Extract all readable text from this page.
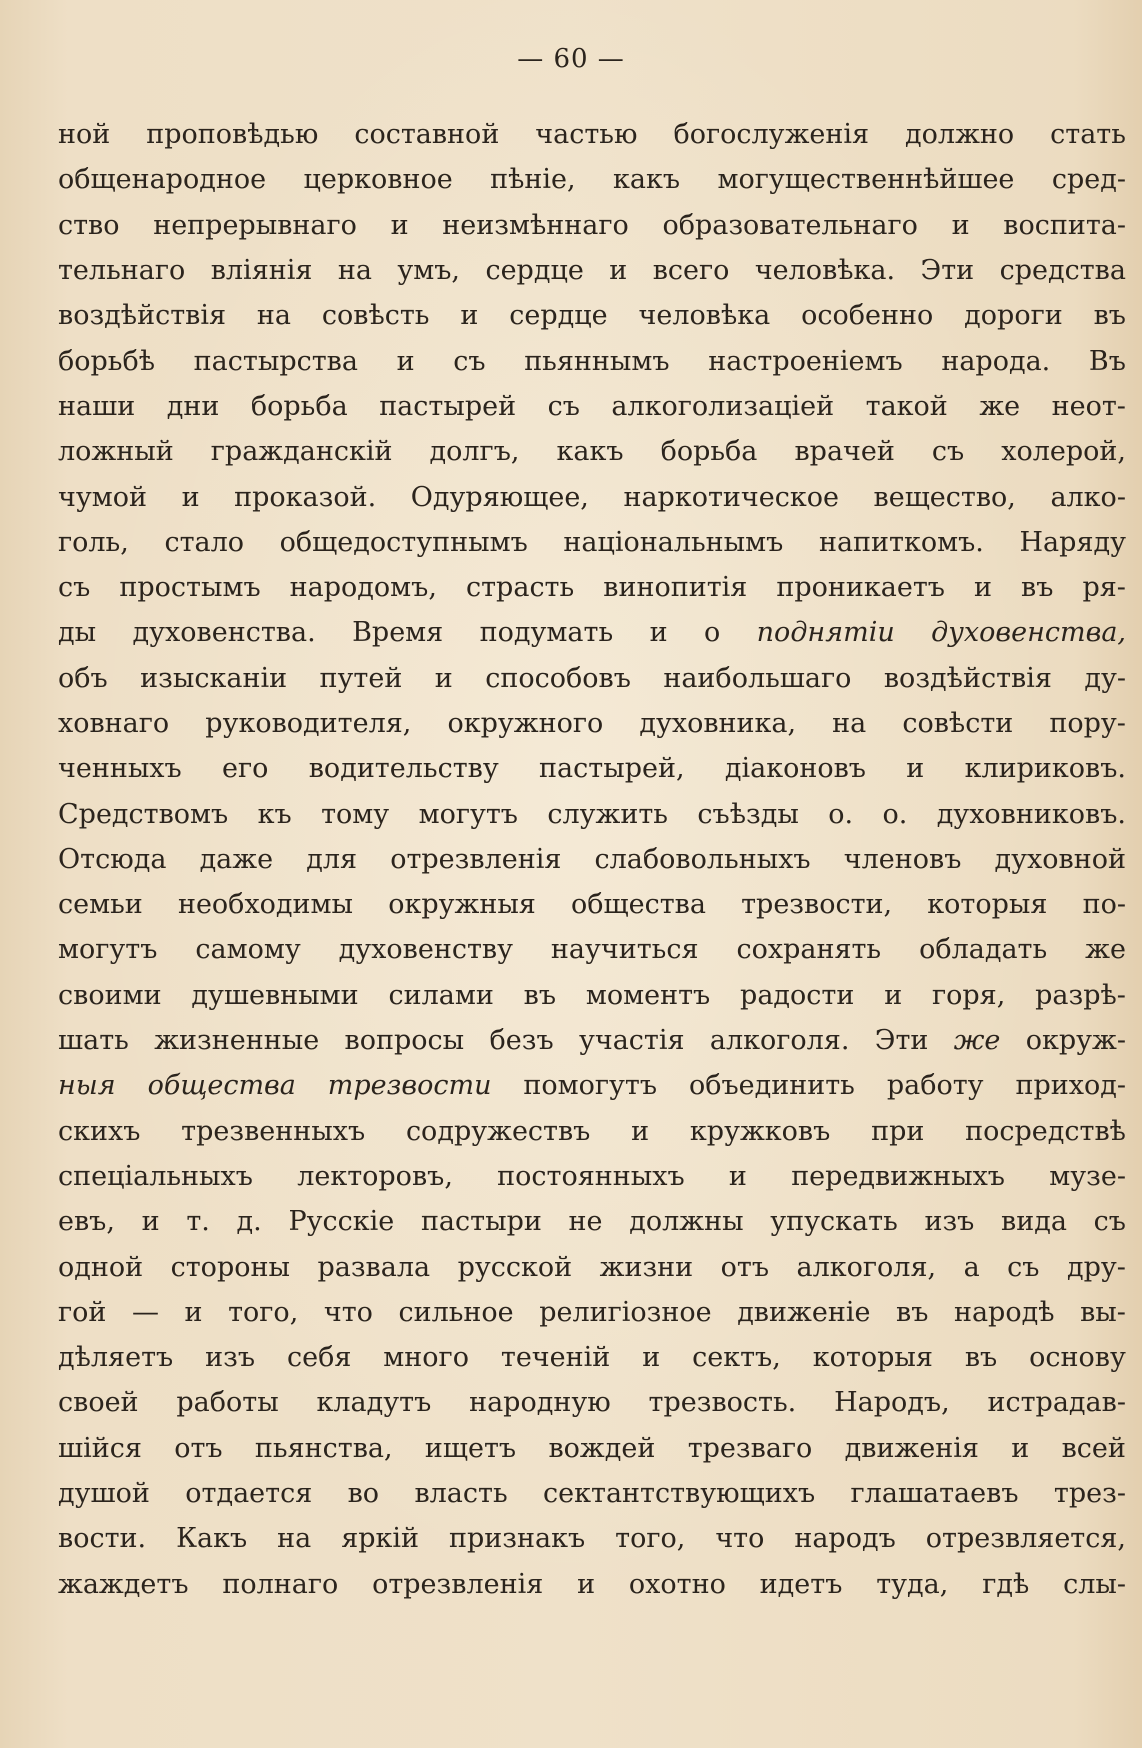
— 60 —
ной проповѣдью составной частью богослуженія должно стать
общенародное церковное пѣніе, какъ могущественнѣйшее сред-
ство непрерывнаго и неизмѣннаго образовательнаго и воспита-
тельнаго вліянія на умъ, сердце и всего человѣка. Эти средства
воздѣйствія на совѣсть и сердце человѣка особенно дороги въ
борьбѣ пастырства и съ пьяннымъ настроеніемъ народа. Въ
наши дни борьба пастырей съ алкоголизаціей такой же неот-
ложный гражданскій долгъ, какъ борьба врачей съ холерой,
чумой и проказой. Одуряющее, наркотическое вещество, алко-
голь, стало общедоступнымъ національнымъ напиткомъ. Наряду
съ простымъ народомъ, страсть винопитія проникаетъ и въ ря-
ды духовенства. Время подумать и о поднятіи духовенства,
объ изысканіи путей и способовъ наибольшаго воздѣйствія ду-
ховнаго руководителя, окружного духовника, на совѣсти пору-
ченныхъ его водительству пастырей, діаконовъ и клириковъ.
Средствомъ къ тому могутъ служить съѣзды о. о. духовниковъ.
Отсюда даже для отрезвленія слабовольныхъ членовъ духовной
семьи необходимы окружныя общества трезвости, которыя по-
могутъ самому духовенству научиться сохранять обладать же
своими душевными силами въ моментъ радости и горя, разрѣ-
шать жизненные вопросы безъ участія алкоголя. Эти же окруж-
ныя общества трезвости помогутъ объединить работу приход-
скихъ трезвенныхъ содружествъ и кружковъ при посредствѣ
спеціальныхъ лекторовъ, постоянныхъ и передвижныхъ музе-
евъ, и т. д. Русскіе пастыри не должны упускать изъ вида съ
одной стороны развала русской жизни отъ алкоголя, а съ дру-
гой — и того, что сильное религіозное движеніе въ народѣ вы-
дѣляетъ изъ себя много теченій и сектъ, которыя въ основу
своей работы кладутъ народную трезвость. Народъ, истрадав-
шійся отъ пьянства, ищетъ вождей трезваго движенія и всей
душой отдается во власть сектантствующихъ глашатаевъ трез-
вости. Какъ на яркій признакъ того, что народъ отрезвляется,
жаждетъ полнаго отрезвленія и охотно идетъ туда, гдѣ слы-
